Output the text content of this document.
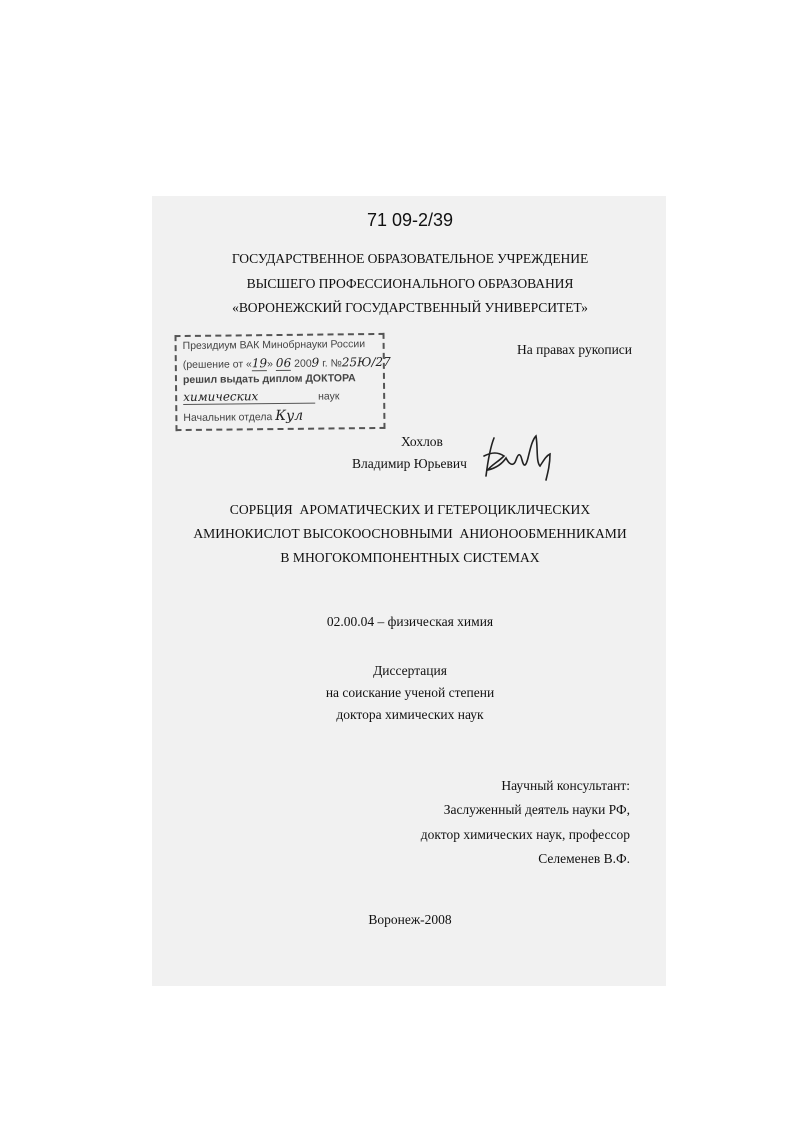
71 09-2/39
ГОСУДАРСТВЕННОЕ ОБРАЗОВАТЕЛЬНОЕ УЧРЕЖДЕНИЕ
ВЫСШЕГО ПРОФЕССИОНАЛЬНОГО ОБРАЗОВАНИЯ
«ВОРОНЕЖСКИЙ ГОСУДАРСТВЕННЫЙ УНИВЕРСИТЕТ»
Президиум ВАК Минобрнауки России
(решение от «19» 06 2009 г. №25Ю/27
решил выдать диплом ДОКТОРА
химических	наук
Начальник отдела Кул
На правах рукописи
Хохлов
Владимир Юрьевич
СОРБЦИЯ  АРОМАТИЧЕСКИХ И ГЕТЕРОЦИКЛИЧЕСКИХ
АМИНОКИСЛОТ ВЫСОКООСНОВНЫМИ  АНИОНООБМЕННИКАМИ
В МНОГОКОМПОНЕНТНЫХ СИСТЕМАХ
02.00.04 – физическая химия
Диссертация
на соискание ученой степени
доктора химических наук
Научный консультант:
Заслуженный деятель науки РФ,
доктор химических наук, профессор
Селеменев В.Ф.
Воронеж-2008
